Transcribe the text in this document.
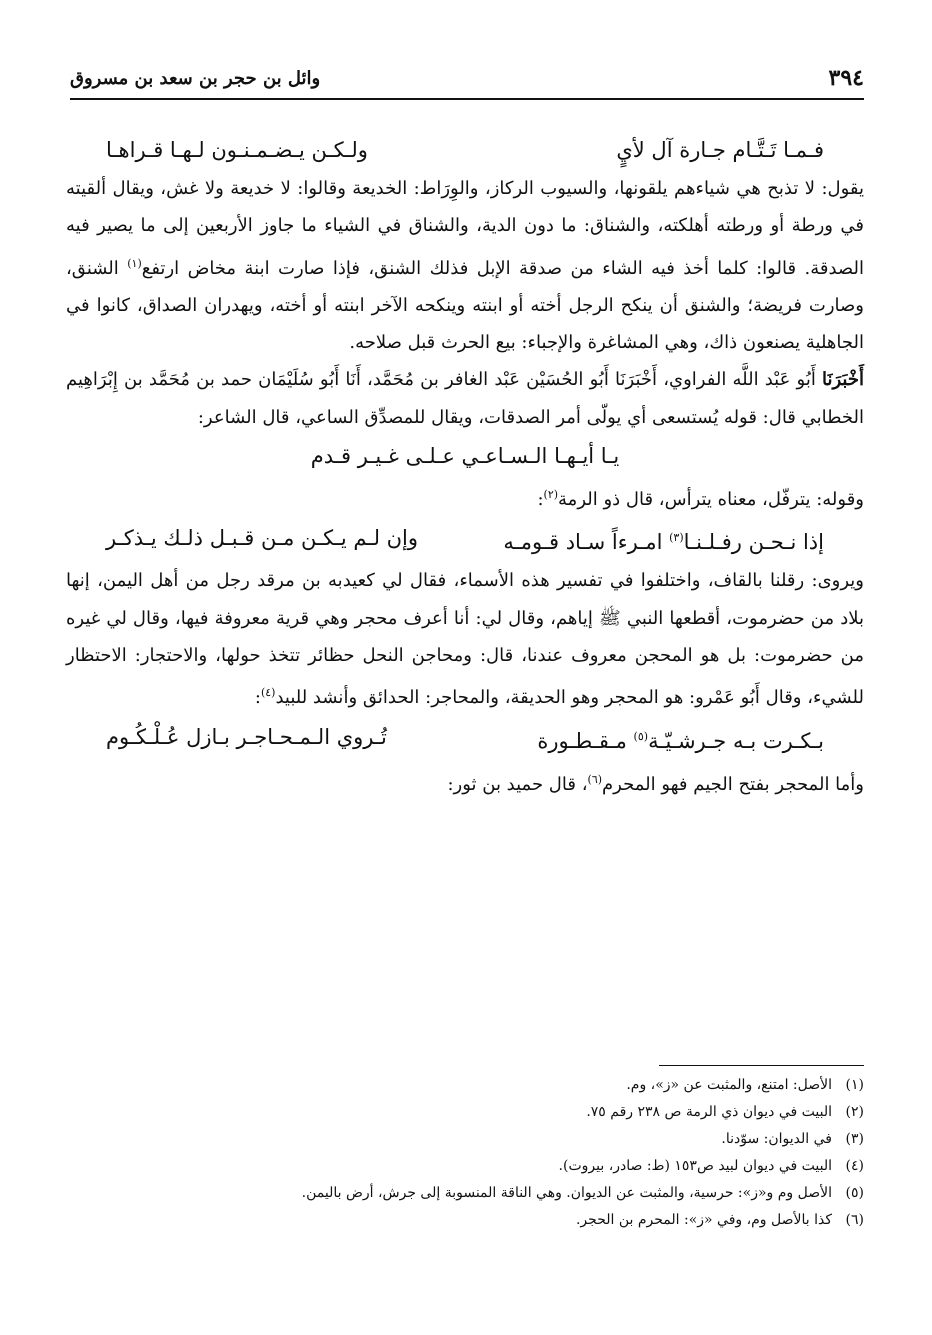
٣٩٤
وائل بن حجر بن سعد بن مسروق
فـمـا تَـتَّـام جـارة آل لأيٍ
ولـكـن يـضـمـنـون لـهـا قـراهـا

يقول: لا تذبح هي شياءهم يلقونها، والسيوب الركاز، والوِرَاط: الخديعة وقالوا: لا خديعة ولا غش، ويقال ألقيته في ورطة أو ورطته أهلكته، والشناق: ما دون الدية، والشناق في الشياء ما جاوز الأربعين إلى ما يصير فيه الصدقة. قالوا: كلما أخذ فيه الشاء من صدقة الإبل فذلك الشنق، فإذا صارت ابنة مخاض ارتفع$^{(١)}$ الشنق، وصارت فريضة؛ والشنق أن ينكح الرجل أخته أو ابنته وينكحه الآخر ابنته أو أخته، ويهدران الصداق، كانوا في الجاهلية يصنعون ذاك، وهي المشاغرة والإجباء: بيع الحرث قبل صلاحه.

أَخْبَرَنَا أَبُو عَبْد اللَّه الفراوي، أَخْبَرَنَا أَبُو الحُسَيْن عَبْد الغافر بن مُحَمَّد، أَنَا أَبُو سُلَيْمَان حمد بن مُحَمَّد بن إِبْرَاهِيم الخطابي قال: قوله يُستسعى أي يولّى أمر الصدقات، ويقال للمصدِّق الساعي، قال الشاعر:

يـا أيـهـا الـسـاعـي عـلـى غـيـر قـدم

وقوله: يترفّل، معناه يترأس، قال ذو الرمة$^{(٢)}$:

إذا نـحـن رفـلـنـا$^{(٣)}$ امـرءاً سـاد قـومـه
وإن لـم يـكـن مـن قـبـل ذلـك يـذكـر

ويروى: رقلنا بالقاف، واختلفوا في تفسير هذه الأسماء، فقال لي كعيدبه بن مرقد رجل من أهل اليمن، إنها بلاد من حضرموت، أقطعها النبي ﷺ إياهم، وقال لي: أنا أعرف محجر وهي قرية معروفة فيها، وقال لي غيره من حضرموت: بل هو المحجن معروف عندنا، قال: ومحاجن النحل حظائر تتخذ حولها، والاحتجار: الاحتظار للشيء، وقال أَبُو عَمْرو: هو المحجر وهو الحديقة، والمحاجر: الحدائق وأنشد للبيد$^{(٤)}$:

بـكـرت بـه جـرشـيّـة$^{(٥)}$ مـقـطـورة
تُـروي الـمـحـاجـر بـازل عُـلْـكُـوم

وأما المحجر بفتح الجيم فهو المحرم$^{(٦)}$، قال حميد بن ثور:

(١)
الأصل: امتنع، والمثبت عن «ز»، وم.
(٢)
البيت في ديوان ذي الرمة ص ٢٣٨ رقم ٧٥.
(٣)
في الديوان: سوّدنا.
(٤)
البيت في ديوان لبيد ص١٥٣ (ط: صادر، بيروت).
(٥)
الأصل وم و«ز»: حرسية، والمثبت عن الديوان. وهي الناقة المنسوبة إلى جرش، أرض باليمن.
(٦)
كذا بالأصل وم، وفي «ز»: المحرم بن الحجر.
